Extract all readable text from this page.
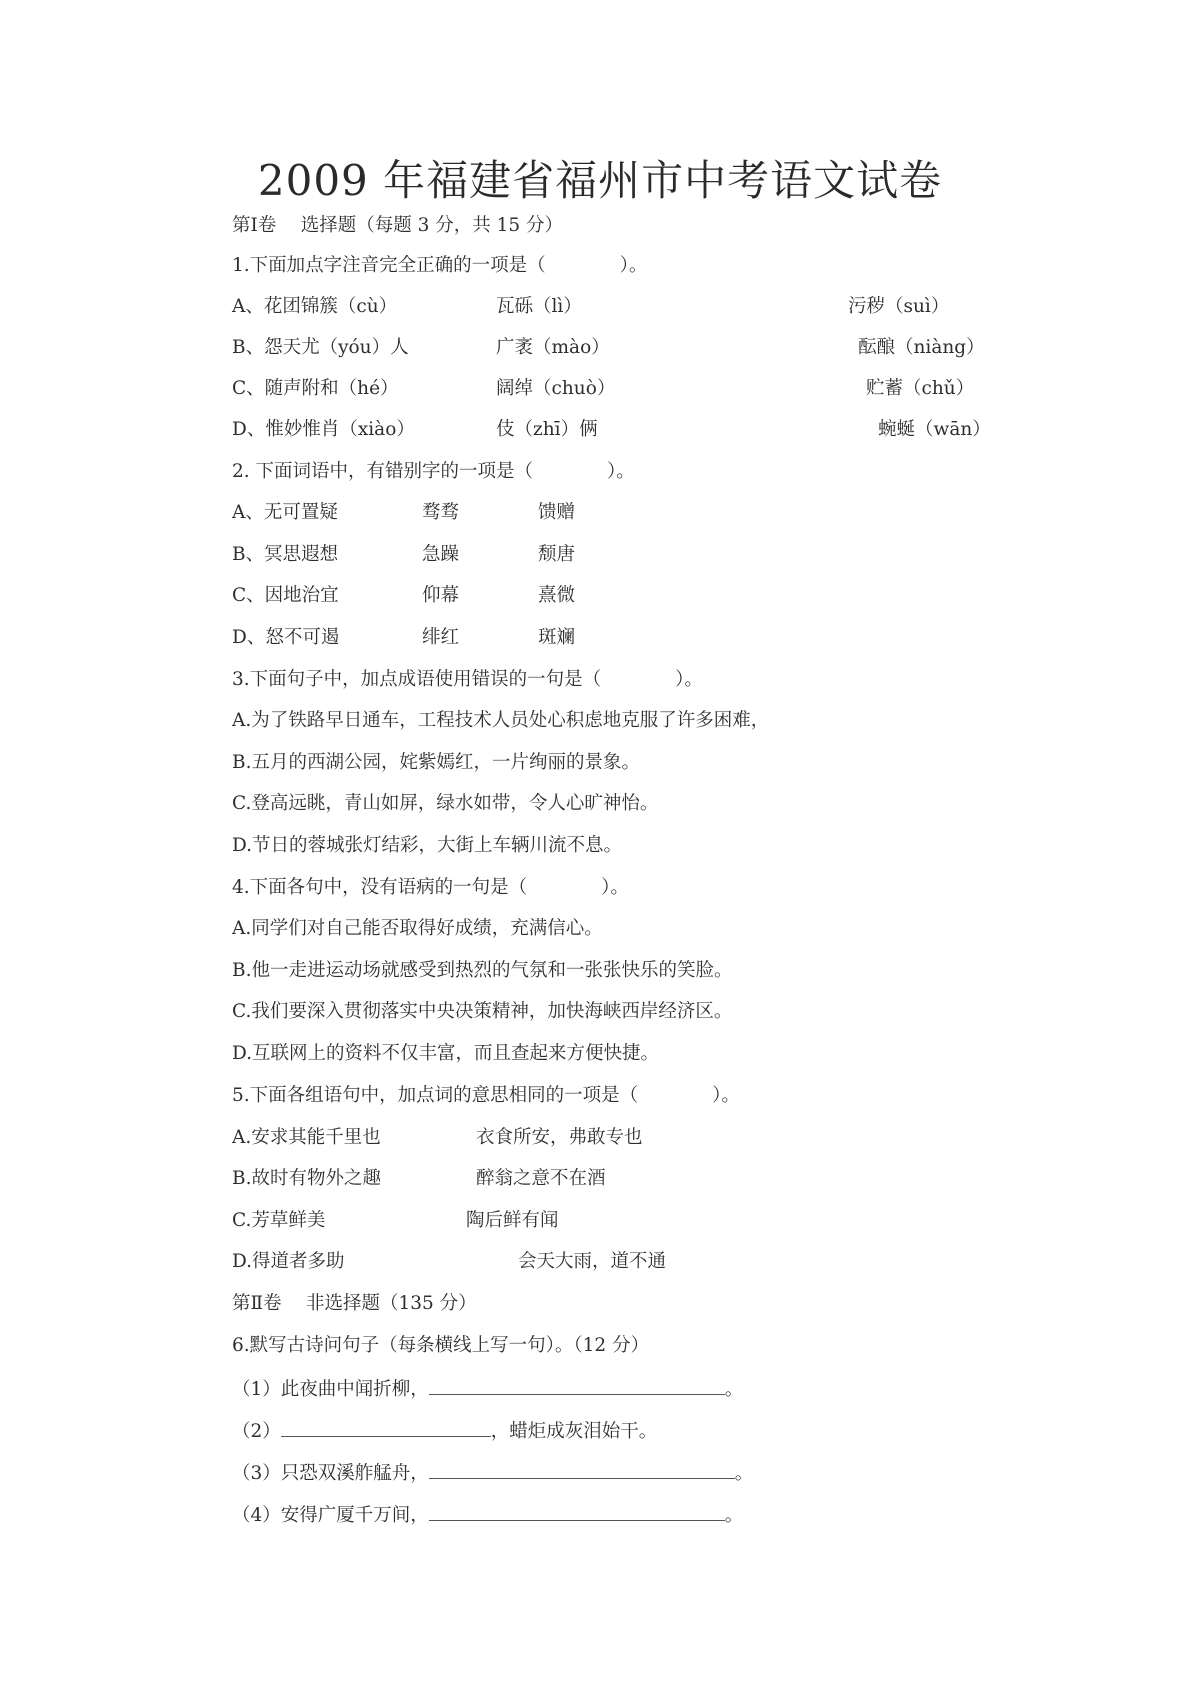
2009 年福建省福州市中考语文试卷
第Ⅰ卷　 选择题（每题 3 分，共 15 分）
1.下面加点字注音完全正确的一项是（　　　　）。
A、花团锦簇（cù）	瓦砾（lì）	污秽（suì）
B、怨天尤（yóu）人	广袤（mào）	酝酿（niàng）
C、随声附和（hé）	阔绰（chuò）	贮蓄（chǔ）
D、惟妙惟肖（xiào）	伎（zhī）俩	蜿蜒（wān）
2. 下面词语中，有错别字的一项是（　　　　）。
A、无可置疑	骛骛	馈赠
B、冥思遐想	急躁	颓唐
C、因地治宜	仰幕	熹微
D、怒不可遏	绯红	斑斓
3.下面句子中，加点成语使用错误的一句是（　　　　）。
A.为了铁路早日通车，工程技术人员处心积虑地克服了许多困难，
B.五月的西湖公园，姹紫嫣红，一片绚丽的景象。
C.登高远眺，青山如屏，绿水如带，令人心旷神怡。
D.节日的蓉城张灯结彩，大街上车辆川流不息。
4.下面各句中，没有语病的一句是（　　　　）。
A.同学们对自己能否取得好成绩，充满信心。
B.他一走进运动场就感受到热烈的气氛和一张张快乐的笑脸。
C.我们要深入贯彻落实中央决策精神，加快海峡西岸经济区。
D.互联网上的资料不仅丰富，而且查起来方便快捷。
5.下面各组语句中，加点词的意思相同的一项是（　　　　）。
A.安求其能千里也	衣食所安，弗敢专也
B.故时有物外之趣	醉翁之意不在酒
C.芳草鲜美	陶后鲜有闻
D.得道者多助	会天大雨，道不通
第Ⅱ卷　 非选择题（135 分）
6.默写古诗问句子（每条横线上写一句）。（12 分）
（1）此夜曲中闻折柳，	。
（2）	，蜡炬成灰泪始干。
（3）只恐双溪舴艋舟，	。
（4）安得广厦千万间，	。
